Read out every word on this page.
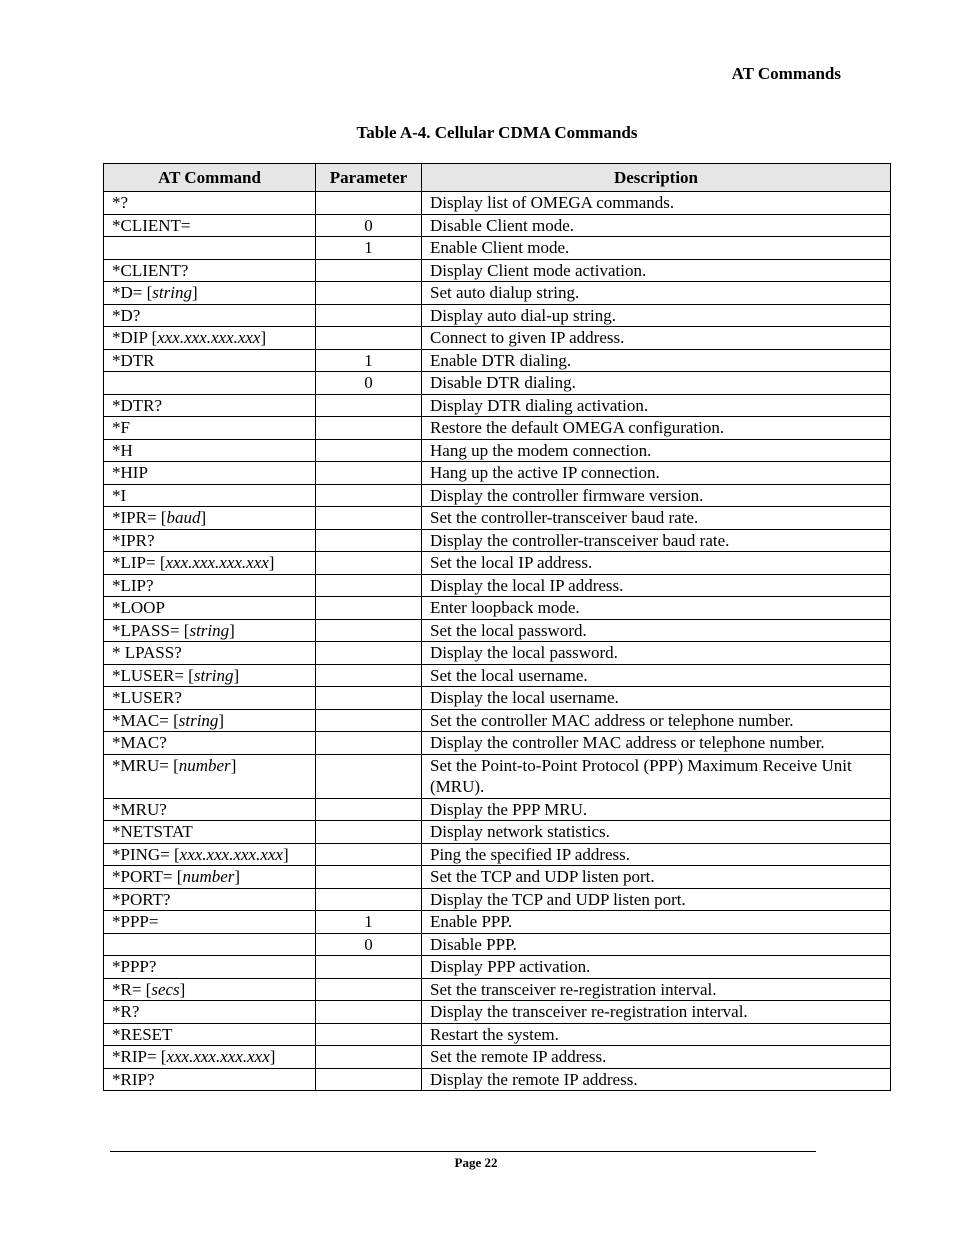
AT Commands
Table A-4. Cellular CDMA Commands
AT Command	Parameter	Description
*?		Display list of OMEGA commands.
*CLIENT=	0	Disable Client mode.
	1	Enable Client mode.
*CLIENT?		Display Client mode activation.
*D= [string]		Set auto dialup string.
*D?		Display auto dial-up string.
*DIP [xxx.xxx.xxx.xxx]		Connect to given IP address.
*DTR	1	Enable DTR dialing.
	0	Disable DTR dialing.
*DTR?		Display DTR dialing activation.
*F		Restore the default OMEGA configuration.
*H		Hang up the modem connection.
*HIP		Hang up the active IP connection.
*I		Display the controller firmware version.
*IPR= [baud]		Set the controller-transceiver baud rate.
*IPR?		Display the controller-transceiver baud rate.
*LIP= [xxx.xxx.xxx.xxx]		Set the local IP address.
*LIP?		Display the local IP address.
*LOOP		Enter loopback mode.
*LPASS= [string]		Set the local password.
* LPASS?		Display the local password.
*LUSER= [string]		Set the local username.
*LUSER?		Display the local username.
*MAC= [string]		Set the controller MAC address or telephone number.
*MAC?		Display the controller MAC address or telephone number.
*MRU= [number]		Set the Point-to-Point Protocol (PPP) Maximum Receive Unit (MRU).
*MRU?		Display the PPP MRU.
*NETSTAT		Display network statistics.
*PING= [xxx.xxx.xxx.xxx]		Ping the specified IP address.
*PORT= [number]		Set the TCP and UDP listen port.
*PORT?		Display the TCP and UDP listen port.
*PPP=	1	Enable PPP.
	0	Disable PPP.
*PPP?		Display PPP activation.
*R= [secs]		Set the transceiver re-registration interval.
*R?		Display the transceiver re-registration interval.
*RESET		Restart the system.
*RIP= [xxx.xxx.xxx.xxx]		Set the remote IP address.
*RIP?		Display the remote IP address.
Page 22
